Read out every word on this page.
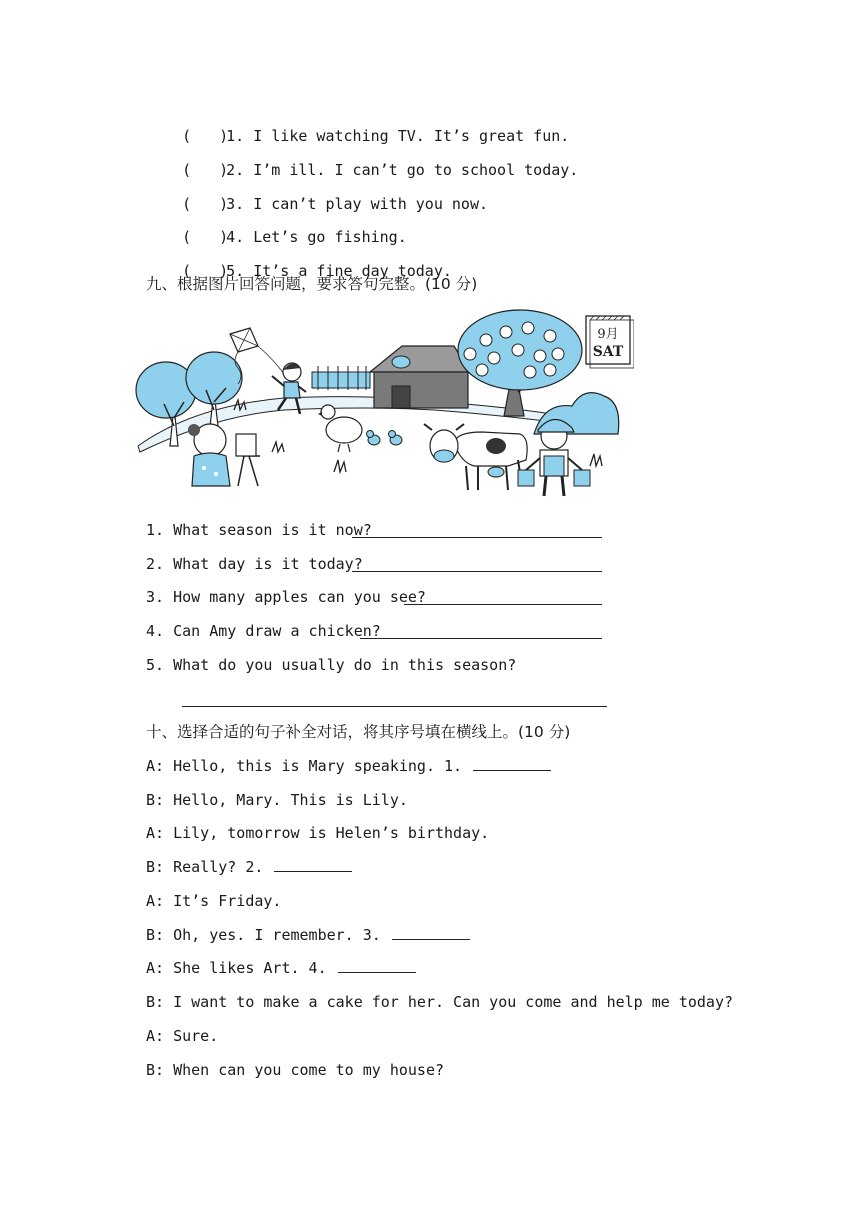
( )1. I like watching TV. It’s great fun.

( )2. I’m ill. I can’t go to school today.

( )3. I can’t play with you now.

( )4. Let’s go fishing.

( )5. It’s a fine day today.

九、根据图片回答问题，要求答句完整。(10 分)
9月
SAT
1. What season is it now?
2. What day is it today?
3. How many apples can you see?
4. Can Amy draw a chicken?
5. What do you usually do in this season?
十、选择合适的句子补全对话，将其序号填在横线上。(10 分)
A: Hello, this is Mary speaking. 1.
B: Hello, Mary. This is Lily.
A: Lily, tomorrow is Helen’s birthday.
B: Really? 2.
A: It’s Friday.
B: Oh, yes. I remember. 3.
A: She likes Art. 4.
B: I want to make a cake for her. Can you come and help me today?
A: Sure.
B: When can you come to my house?
